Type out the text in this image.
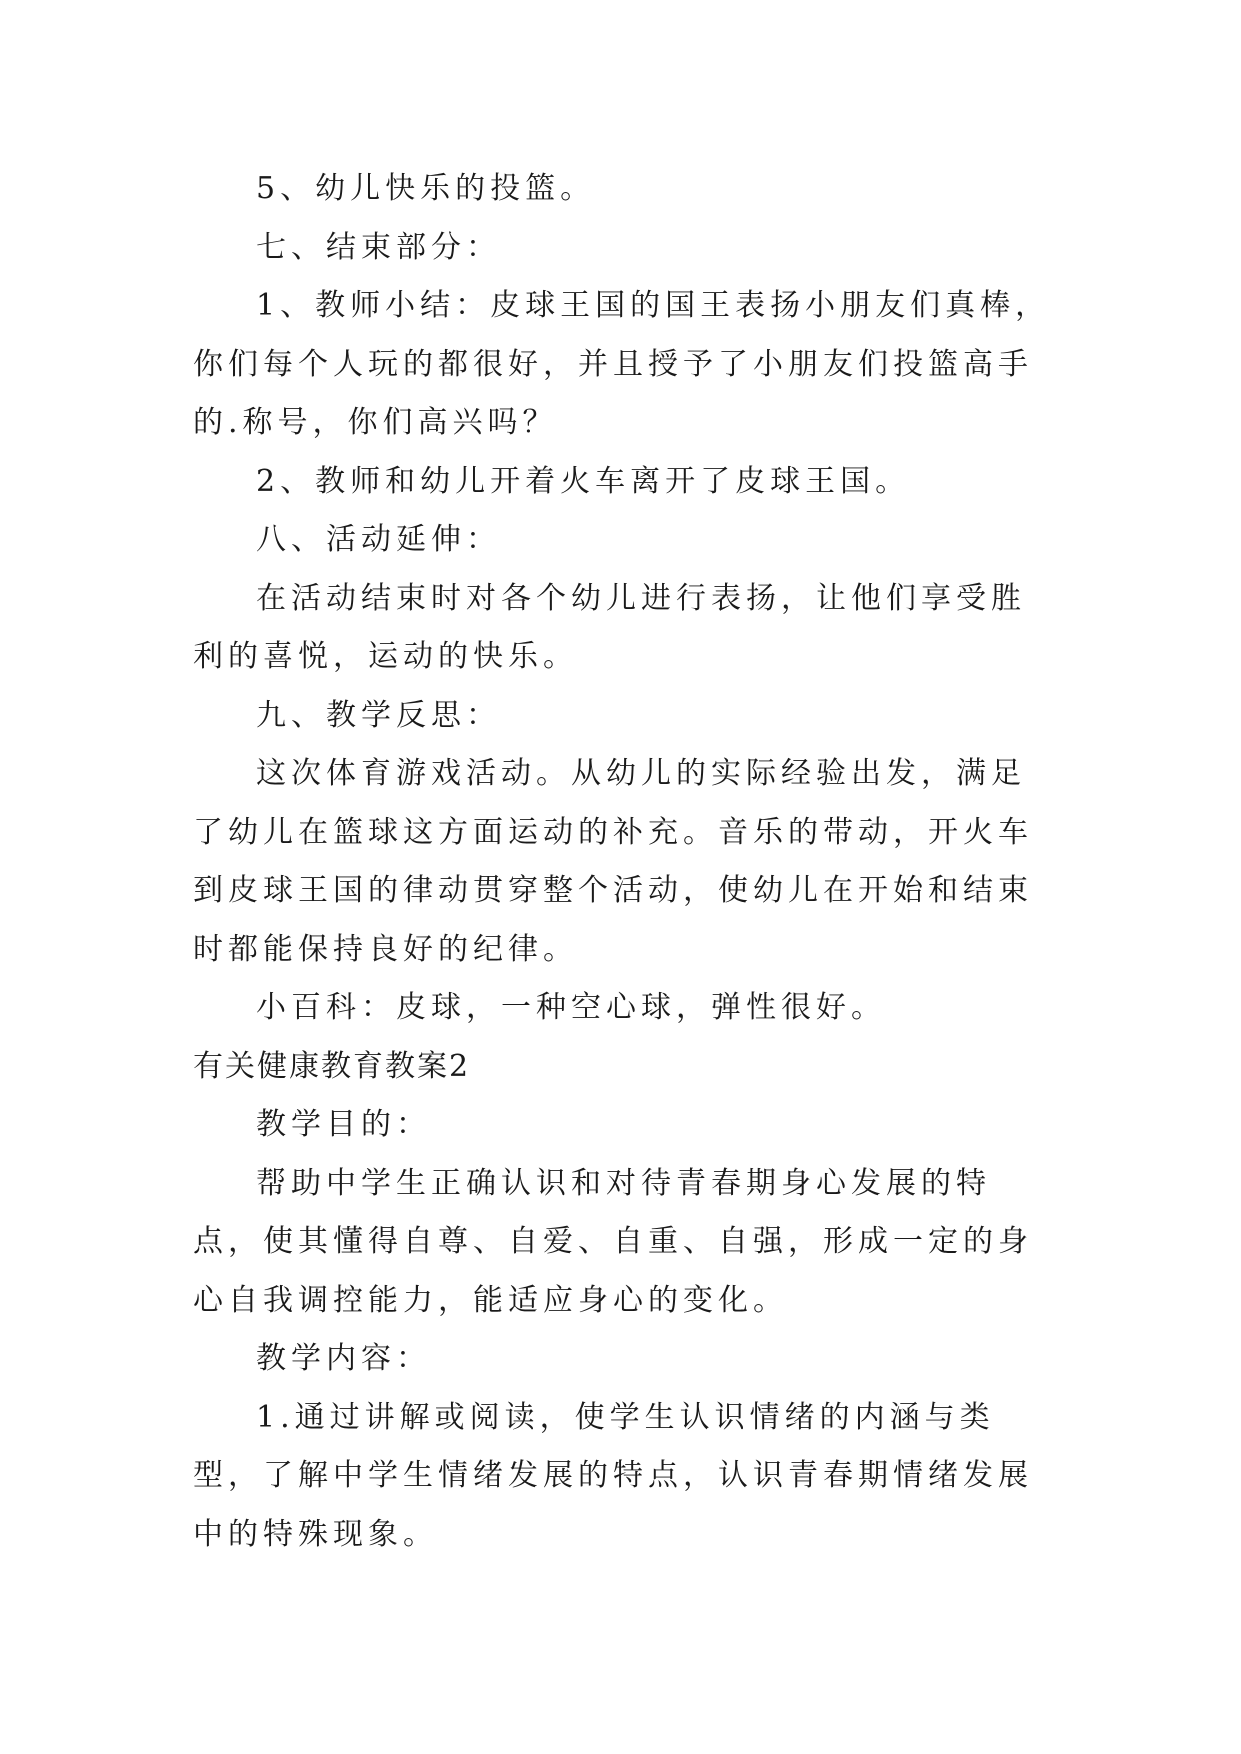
5、幼儿快乐的投篮。

七、结束部分：

1、教师小结：皮球王国的国王表扬小朋友们真棒，你们每个人玩的都很好，并且授予了小朋友们投篮高手的.称号，你们高兴吗？

2、教师和幼儿开着火车离开了皮球王国。

八、活动延伸：

在活动结束时对各个幼儿进行表扬，让他们享受胜利的喜悦，运动的快乐。

九、教学反思：

这次体育游戏活动。从幼儿的实际经验出发，满足了幼儿在篮球这方面运动的补充。音乐的带动，开火车到皮球王国的律动贯穿整个活动，使幼儿在开始和结束时都能保持良好的纪律。

小百科：皮球，一种空心球，弹性很好。

有关健康教育教案2

教学目的：

帮助中学生正确认识和对待青春期身心发展的特点，使其懂得自尊、自爱、自重、自强，形成一定的身心自我调控能力，能适应身心的变化。

教学内容：

1.通过讲解或阅读，使学生认识情绪的内涵与类型，了解中学生情绪发展的特点，认识青春期情绪发展中的特殊现象。
